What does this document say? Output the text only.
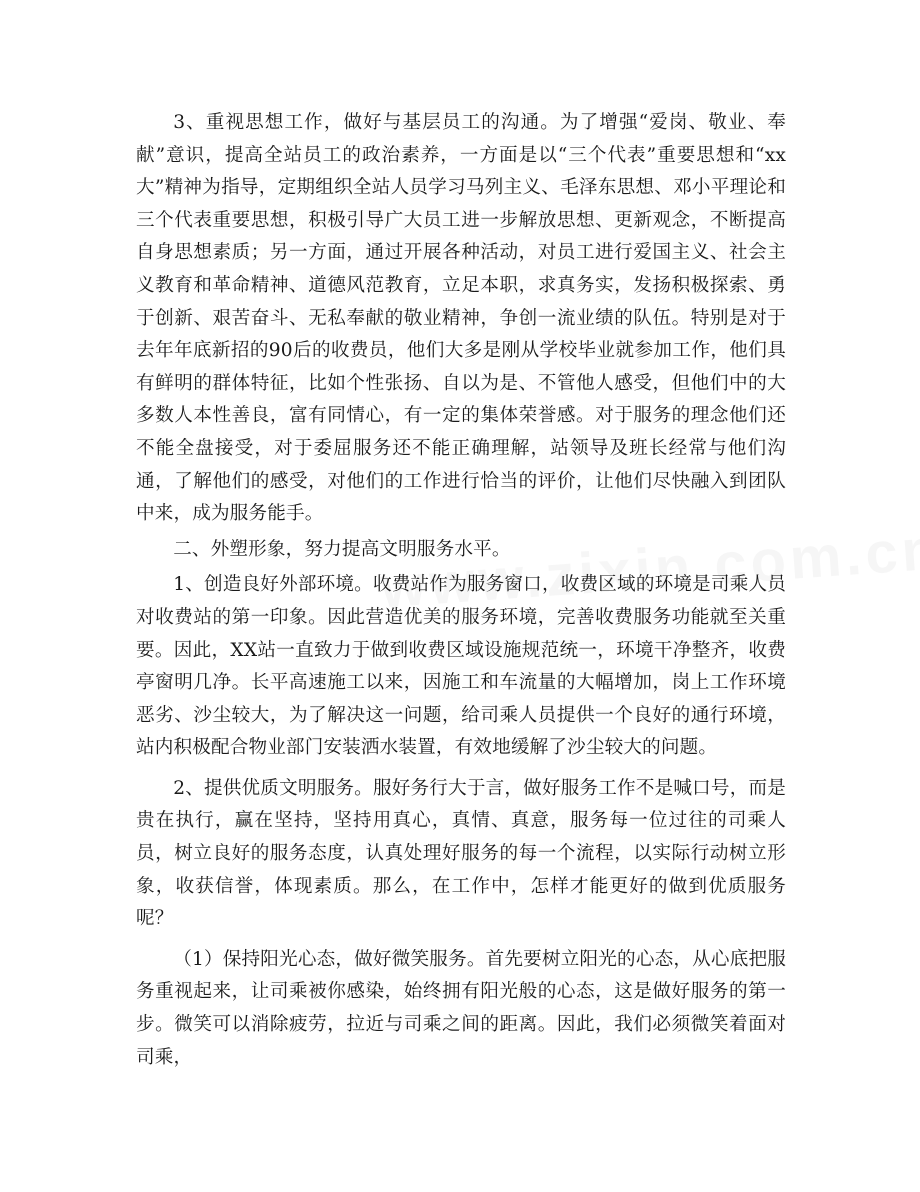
3、重视思想工作，做好与基层员工的沟通。为了增强“爱岗、敬业、奉献”意识，提高全站员工的政治素养，一方面是以“三个代表”重要思想和“xx大”精神为指导，定期组织全站人员学习马列主义、毛泽东思想、邓小平理论和三个代表重要思想，积极引导广大员工进一步解放思想、更新观念，不断提高自身思想素质；另一方面，通过开展各种活动，对员工进行爱国主义、社会主义教育和革命精神、道德风范教育，立足本职，求真务实，发扬积极探索、勇于创新、艰苦奋斗、无私奉献的敬业精神，争创一流业绩的队伍。特别是对于去年年底新招的90后的收费员，他们大多是刚从学校毕业就参加工作，他们具有鲜明的群体特征，比如个性张扬、自以为是、不管他人感受，但他们中的大多数人本性善良，富有同情心，有一定的集体荣誉感。对于服务的理念他们还不能全盘接受，对于委屈服务还不能正确理解，站领导及班长经常与他们沟通，了解他们的感受，对他们的工作进行恰当的评价，让他们尽快融入到团队中来，成为服务能手。

二、外塑形象，努力提高文明服务水平。

1、创造良好外部环境。收费站作为服务窗口，收费区域的环境是司乘人员对收费站的第一印象。因此营造优美的服务环境，完善收费服务功能就至关重要。因此，XX站一直致力于做到收费区域设施规范统一，环境干净整齐，收费亭窗明几净。长平高速施工以来，因施工和车流量的大幅增加，岗上工作环境恶劣、沙尘较大，为了解决这一问题，给司乘人员提供一个良好的通行环境，站内积极配合物业部门安装洒水装置，有效地缓解了沙尘较大的问题。

2、提供优质文明服务。服好务行大于言，做好服务工作不是喊口号，而是贵在执行，赢在坚持，坚持用真心，真情、真意，服务每一位过往的司乘人员，树立良好的服务态度，认真处理好服务的每一个流程，以实际行动树立形象，收获信誉，体现素质。那么，在工作中，怎样才能更好的做到优质服务呢？

（1）保持阳光心态，做好微笑服务。首先要树立阳光的心态，从心底把服务重视起来，让司乘被你感染，始终拥有阳光般的心态，这是做好服务的第一步。微笑可以消除疲劳，拉近与司乘之间的距离。因此，我们必须微笑着面对司乘，
